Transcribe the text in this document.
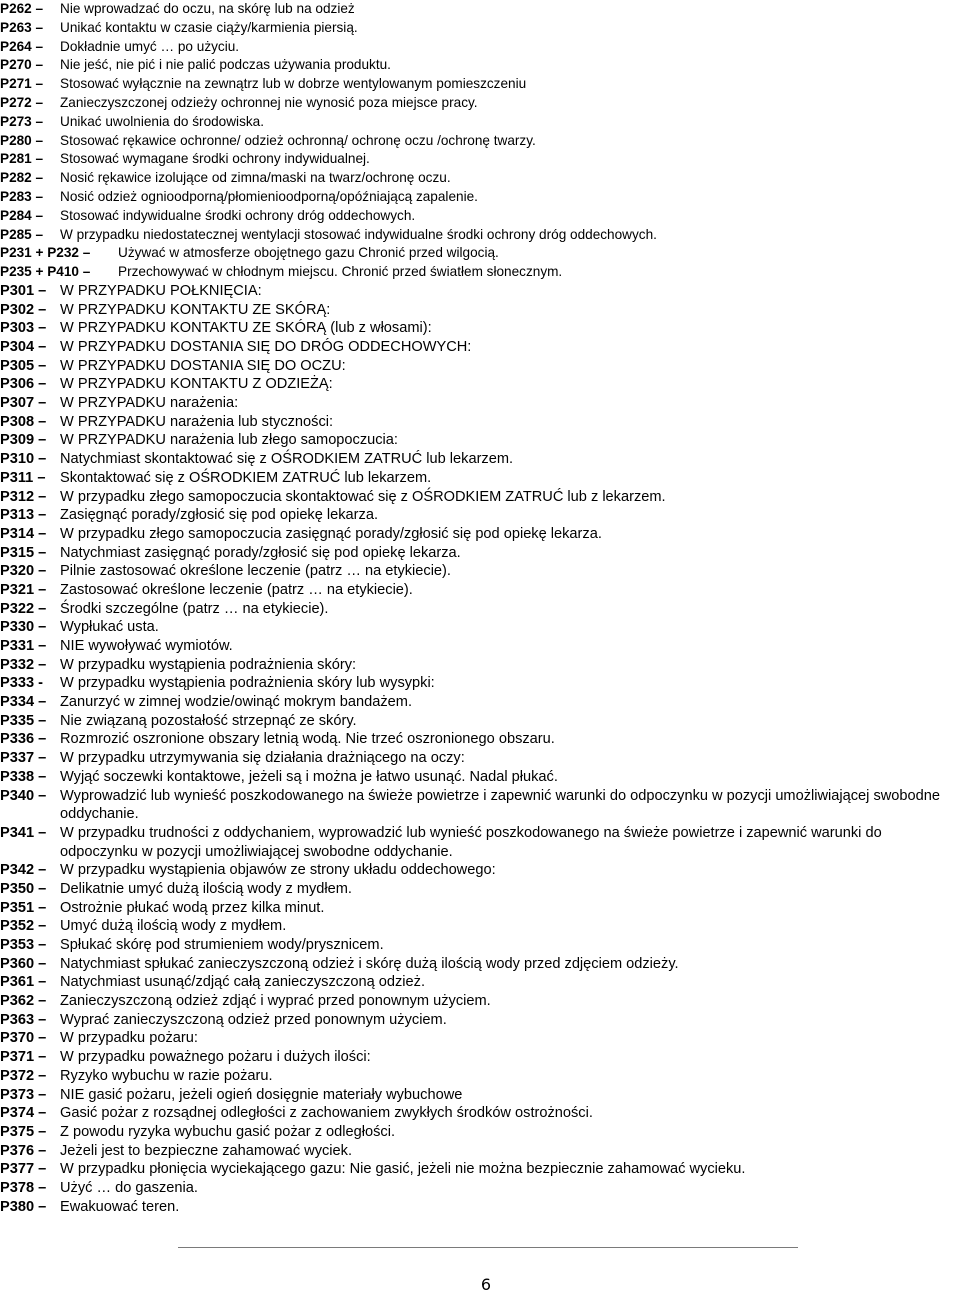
P262 –	Nie wprowadzać do oczu, na skórę lub na odzież
P263 –	Unikać kontaktu w czasie ciąży/karmienia piersią.
P264 –	Dokładnie umyć … po użyciu.
P270 –	Nie jeść, nie pić i nie palić podczas używania produktu.
P271 –	Stosować wyłącznie na zewnątrz lub w dobrze wentylowanym pomieszczeniu
P272 –	Zanieczyszczonej odzieży ochronnej nie wynosić poza miejsce pracy.
P273 –	Unikać uwolnienia do środowiska.
P280 –	Stosować rękawice ochronne/ odzież ochronną/ ochronę oczu /ochronę twarzy.
P281 –	Stosować wymagane środki ochrony indywidualnej.
P282 –	Nosić rękawice izolujące od zimna/maski na twarz/ochronę oczu.
P283 –	Nosić odzież ognioodporną/płomienioodporną/opóźniającą zapalenie.
P284 –	Stosować indywidualne środki ochrony dróg oddechowych.
P285 –	W przypadku niedostatecznej wentylacji stosować indywidualne środki ochrony dróg oddechowych.
P231 + P232 –	Używać w atmosferze obojętnego gazu Chronić przed wilgocią.
P235 + P410 –	Przechowywać w chłodnym miejscu. Chronić przed światłem słonecznym.
P301 – W PRZYPADKU POŁKNIĘCIA:
P302 – W PRZYPADKU KONTAKTU ZE SKÓRĄ:
P303 – W PRZYPADKU KONTAKTU ZE SKÓRĄ (lub z włosami):
P304 – W PRZYPADKU DOSTANIA SIĘ DO DRÓG ODDECHOWYCH:
P305 – W PRZYPADKU DOSTANIA SIĘ DO OCZU:
P306 – W PRZYPADKU KONTAKTU Z ODZIEŻĄ:
P307 – W PRZYPADKU narażenia:
P308 – W PRZYPADKU narażenia lub styczności:
P309 – W PRZYPADKU narażenia lub złego samopoczucia:
P310 – Natychmiast skontaktować się z OŚRODKIEM ZATRUĆ lub lekarzem.
P311 – Skontaktować się z OŚRODKIEM ZATRUĆ lub lekarzem.
P312 – W przypadku złego samopoczucia skontaktować się z OŚRODKIEM ZATRUĆ lub z lekarzem.
P313 – Zasięgnąć porady/zgłosić się pod opiekę lekarza.
P314 – W przypadku złego samopoczucia zasięgnąć porady/zgłosić się pod opiekę lekarza.
P315 – Natychmiast zasięgnąć porady/zgłosić się pod opiekę lekarza.
P320 – Pilnie zastosować określone leczenie (patrz … na etykiecie).
P321 – Zastosować określone leczenie (patrz … na etykiecie).
P322 – Środki szczególne (patrz … na etykiecie).
P330 – Wypłukać usta.
P331 – NIE wywoływać wymiotów.
P332 – W przypadku wystąpienia podrażnienia skóry:
P333 -	W przypadku wystąpienia podrażnienia skóry lub wysypki:
P334 – Zanurzyć w zimnej wodzie/owinąć mokrym bandażem.
P335 – Nie związaną pozostałość strzepnąć ze skóry.
P336 – Rozmrozić oszronione obszary letnią wodą. Nie trzeć oszronionego obszaru.
P337 – W przypadku utrzymywania się działania drażniącego na oczy:
P338 – Wyjąć soczewki kontaktowe, jeżeli są i można je łatwo usunąć. Nadal płukać.
P340 – Wyprowadzić lub wynieść poszkodowanego na świeże powietrze i zapewnić warunki do odpoczynku w pozycji umożliwiającej swobodne oddychanie.
P341 – W przypadku trudności z oddychaniem, wyprowadzić lub wynieść poszkodowanego na świeże powietrze i zapewnić warunki do odpoczynku w pozycji umożliwiającej swobodne oddychanie.
P342 – W przypadku wystąpienia objawów ze strony układu oddechowego:
P350 – Delikatnie umyć dużą ilością wody z mydłem.
P351 – Ostrożnie płukać wodą przez kilka minut.
P352 – Umyć dużą ilością wody z mydłem.
P353 – Spłukać skórę pod strumieniem wody/prysznicem.
P360 – Natychmiast spłukać zanieczyszczoną odzież i skórę dużą ilością wody przed zdjęciem odzieży.
P361 – Natychmiast usunąć/zdjąć całą zanieczyszczoną odzież.
P362 – Zanieczyszczoną odzież zdjąć i wyprać przed ponownym użyciem.
P363 – Wyprać zanieczyszczoną odzież przed ponownym użyciem.
P370 – W przypadku pożaru:
P371 – W przypadku poważnego pożaru i dużych ilości:
P372 – Ryzyko wybuchu w razie pożaru.
P373 – NIE gasić pożaru, jeżeli ogień dosięgnie materiały wybuchowe
P374 – Gasić pożar z rozsądnej odległości z zachowaniem zwykłych środków ostrożności.
P375 – Z powodu ryzyka wybuchu gasić pożar z odległości.
P376 – Jeżeli jest to bezpieczne zahamować wyciek.
P377 – W przypadku płonięcia wyciekającego gazu: Nie gasić, jeżeli nie można bezpiecznie zahamować wycieku.
P378 – Użyć … do gaszenia.
P380 – Ewakuować teren.
6
